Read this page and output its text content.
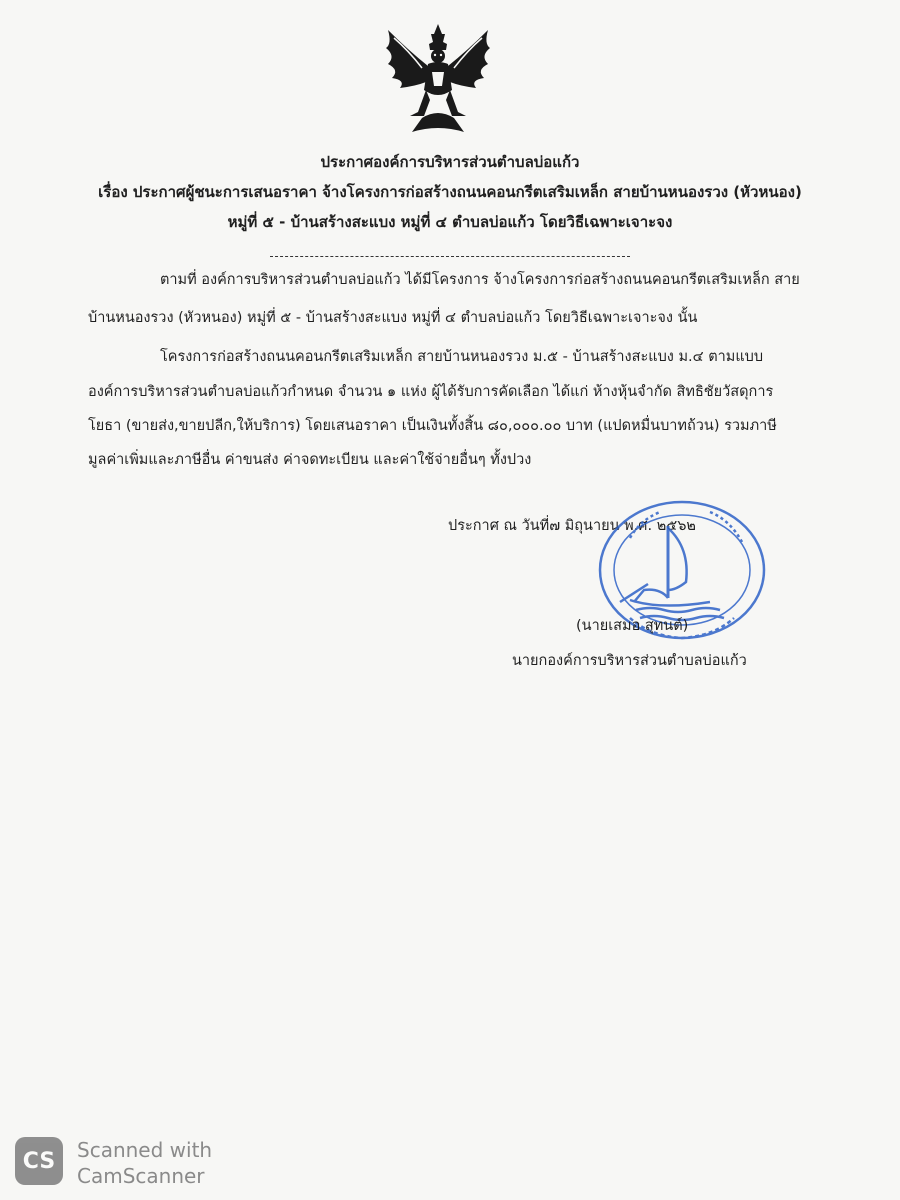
ประกาศองค์การบริหารส่วนตำบลบ่อแก้ว
เรื่อง ประกาศผู้ชนะการเสนอราคา จ้างโครงการก่อสร้างถนนคอนกรีตเสริมเหล็ก สายบ้านหนองรวง (หัวหนอง)
หมู่ที่ ๕ - บ้านสร้างสะแบง หมู่ที่ ๔ ตำบลบ่อแก้ว โดยวิธีเฉพาะเจาะจง
ตามที่ องค์การบริหารส่วนตำบลบ่อแก้ว ได้มีโครงการ จ้างโครงการก่อสร้างถนนคอนกรีตเสริมเหล็ก สาย
บ้านหนองรวง (หัวหนอง) หมู่ที่ ๕ - บ้านสร้างสะแบง หมู่ที่ ๔ ตำบลบ่อแก้ว โดยวิธีเฉพาะเจาะจง นั้น
โครงการก่อสร้างถนนคอนกรีตเสริมเหล็ก สายบ้านหนองรวง ม.๕ - บ้านสร้างสะแบง ม.๔ ตามแบบ
องค์การบริหารส่วนตำบลบ่อแก้วกำหนด จำนวน ๑ แห่ง ผู้ได้รับการคัดเลือก ได้แก่ ห้างหุ้นจำกัด สิทธิชัยวัสดุการ
โยธา (ขายส่ง,ขายปลีก,ให้บริการ) โดยเสนอราคา เป็นเงินทั้งสิ้น ๘๐,๐๐๐.๐๐ บาท (แปดหมื่นบาทถ้วน) รวมภาษี
มูลค่าเพิ่มและภาษีอื่น ค่าขนส่ง ค่าจดทะเบียน และค่าใช้จ่ายอื่นๆ ทั้งปวง
ประกาศ ณ วันที่๗ มิถุนายน พ.ศ. ๒๕๖๒
(นายเสมอ สุทนต์)
นายกองค์การบริหารส่วนตำบลบ่อแก้ว
CS Scanned with
CamScanner
